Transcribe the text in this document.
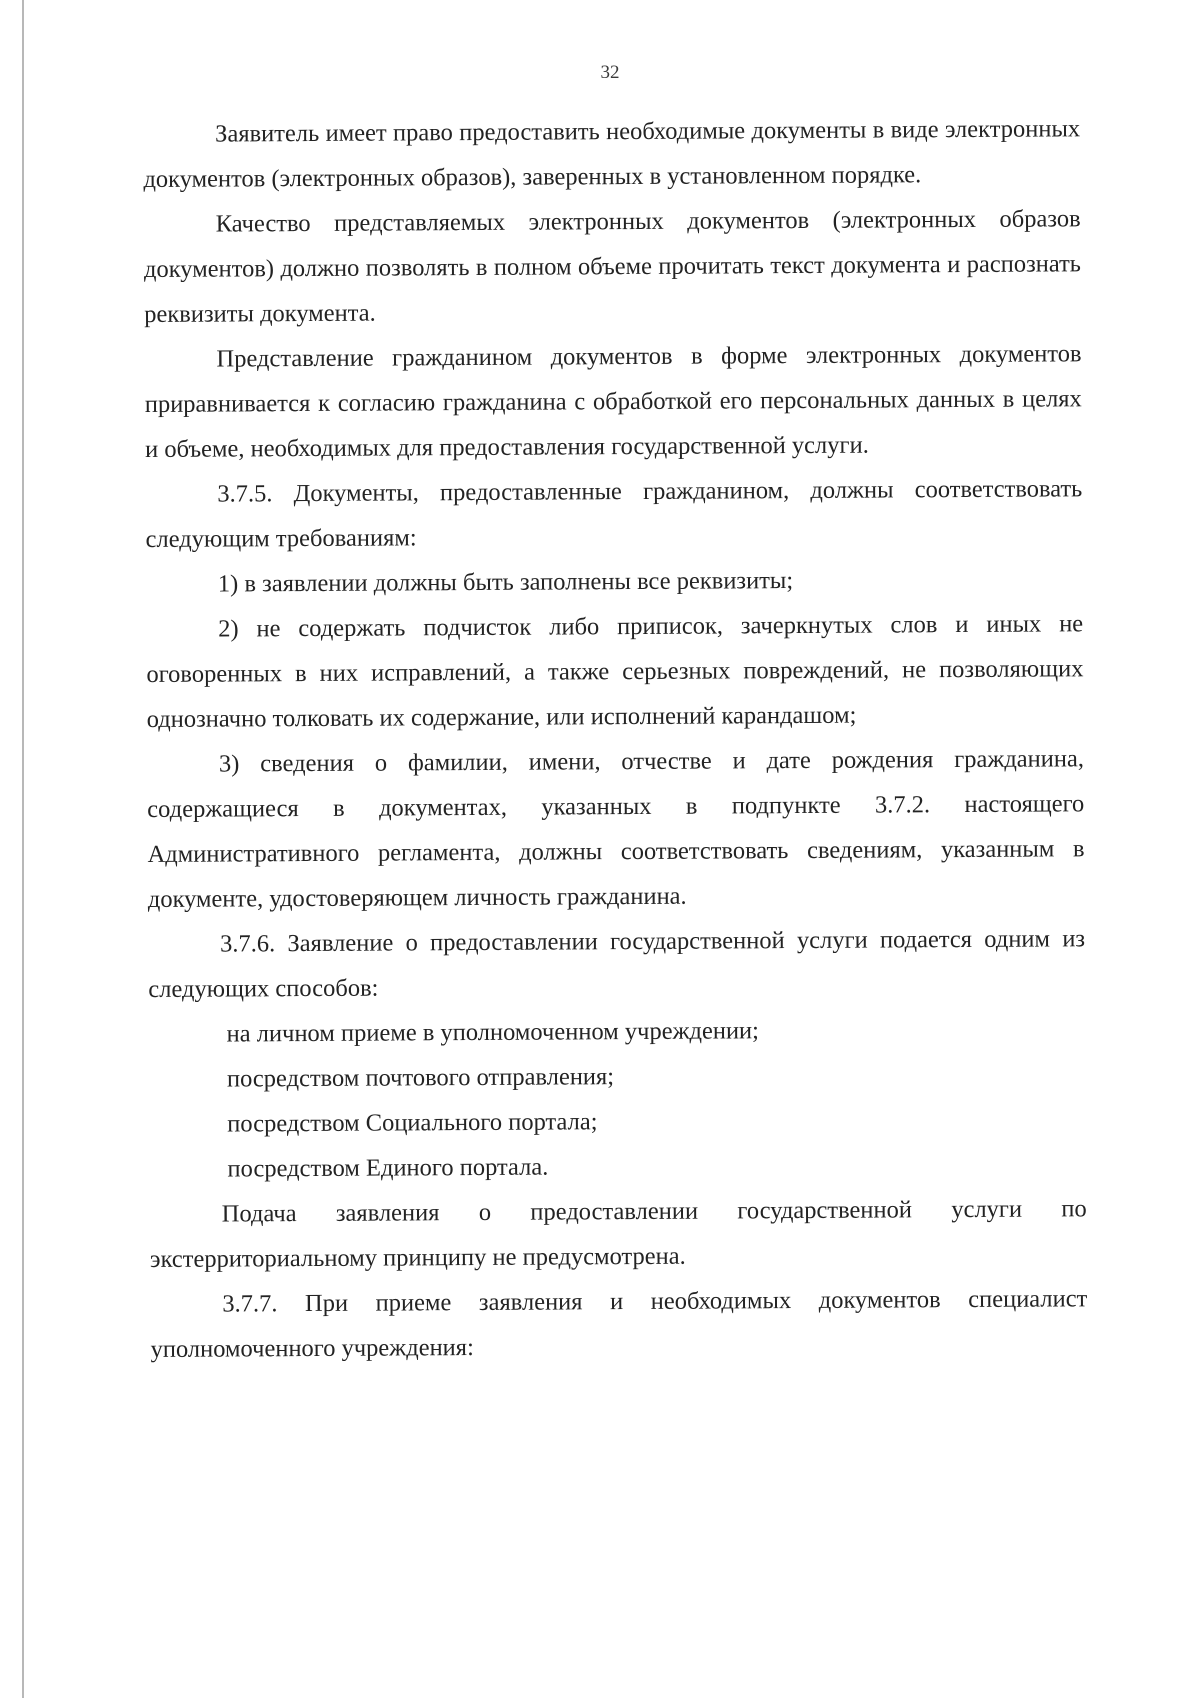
32

Заявитель имеет право предоставить необходимые документы в виде электронных документов (электронных образов), заверенных в установленном порядке.

Качество представляемых электронных документов (электронных образов документов) должно позволять в полном объеме прочитать текст документа и распознать реквизиты документа.

Представление гражданином документов в форме электронных документов приравнивается к согласию гражданина с обработкой его персональных данных в целях и объеме, необходимых для предоставления государственной услуги.

3.7.5. Документы, предоставленные гражданином, должны соответствовать следующим требованиям:

1) в заявлении должны быть заполнены все реквизиты;

2) не содержать подчисток либо приписок, зачеркнутых слов и иных не оговоренных в них исправлений, а также серьезных повреждений, не позволяющих однозначно толковать их содержание, или исполнений карандашом;

3) сведения о фамилии, имени, отчестве и дате рождения гражданина, содержащиеся в документах, указанных в подпункте 3.7.2. настоящего Административного регламента, должны соответствовать сведениям, указанным в документе, удостоверяющем личность гражданина.

3.7.6. Заявление о предоставлении государственной услуги подается одним из следующих способов:

на личном приеме в уполномоченном учреждении;

посредством почтового отправления;

посредством Социального портала;

посредством Единого портала.

Подача заявления о предоставлении государственной услуги по экстерриториальному принципу не предусмотрена.

3.7.7. При приеме заявления и необходимых документов специалист уполномоченного учреждения:
